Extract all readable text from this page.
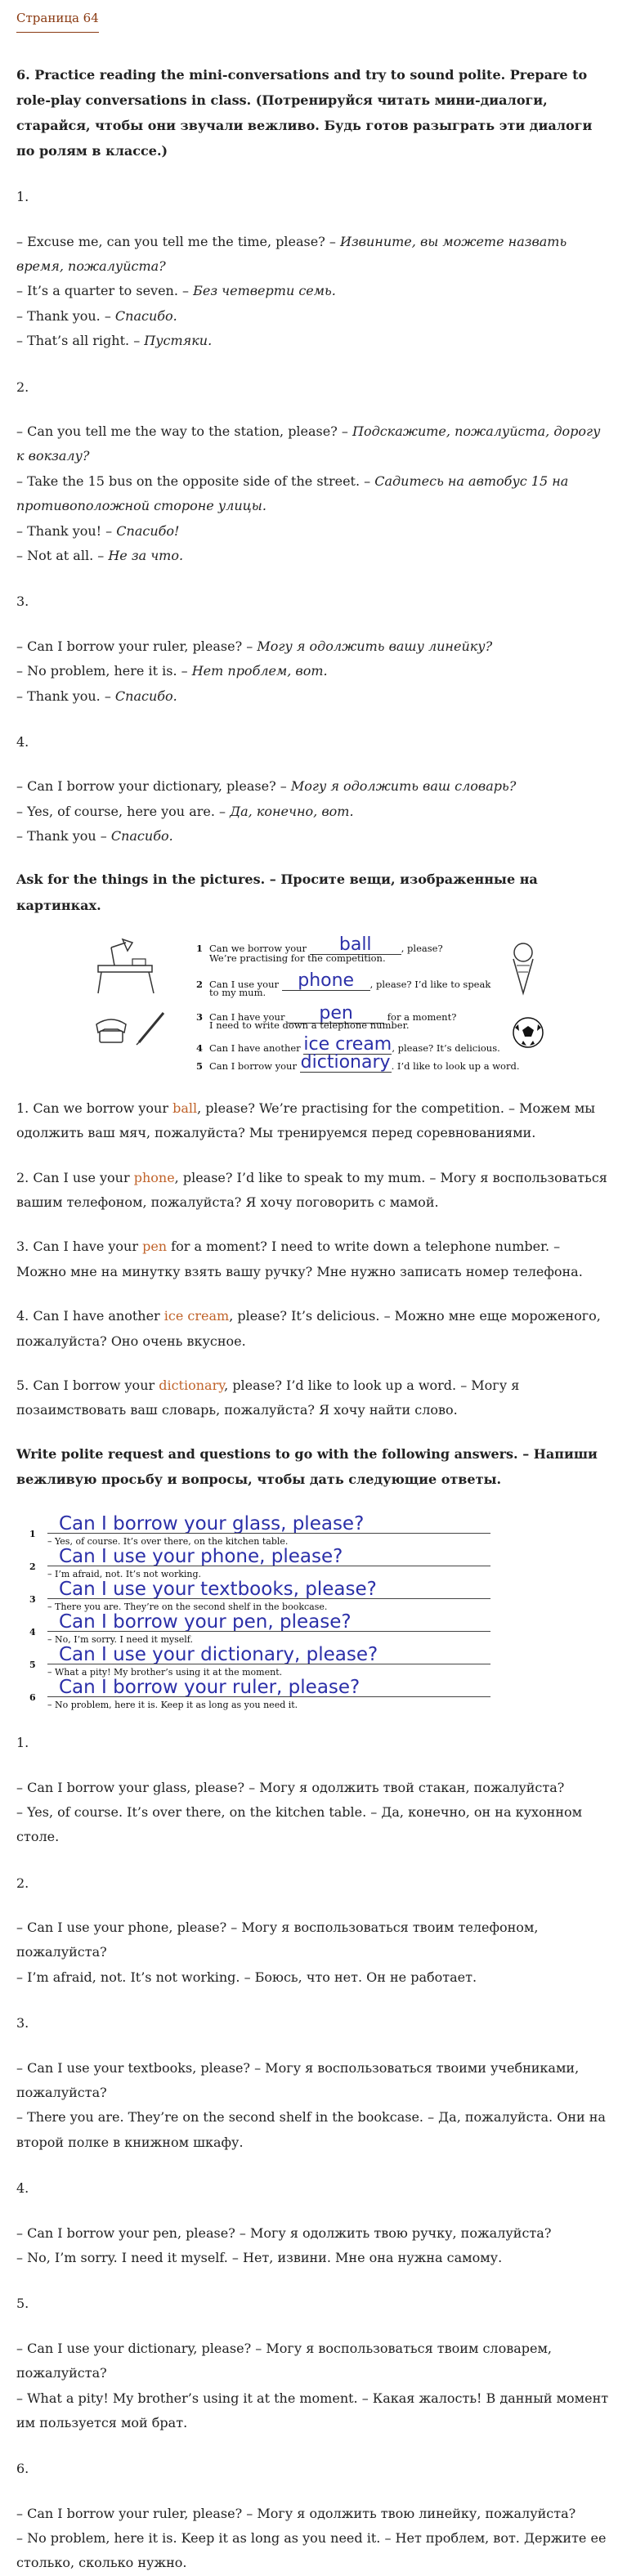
Страница 64

6. Practice reading the mini-conversations and try to sound polite. Prepare to role-play conversations in class. (Потренируйся читать мини-диалоги, старайся, чтобы они звучали вежливо. Будь готов разыграть эти диалоги по ролям в классе.)

1.

– Excuse me, can you tell me the time, please? – Извините, вы можете назвать время, пожалуйста?
– It’s a quarter to seven. – Без четверти семь.
– Thank you. – Спасибо.
– That’s all right. – Пустяки.

2.

– Can you tell me the way to the station, please? – Подскажите, пожалуйста, дорогу к вокзалу?
– Take the 15 bus on the opposite side of the street. – Садитесь на автобус 15 на противоположной стороне улицы.
– Thank you! – Спасибо!
– Not at all. – Не за что.

3.

– Can I borrow your ruler, please? – Могу я одолжить вашу линейку?
– No problem, here it is. – Нет проблем, вот.
– Thank you. – Спасибо.

4.

– Can I borrow your dictionary, please? – Могу я одолжить ваш словарь?
– Yes, of course, here you are. – Да, конечно, вот.
– Thank you – Спасибо.

Ask for the things in the pictures. – Просите вещи, изображенные на картинках.

1 Can we borrow your ball	, please?
We’re practising for the competition.
2 Can I use your phone , please? I’d like to speak
to my mum.
3 Can I have your pen	for a moment?
I need to write down a telephone number.
4 Can I have another ice cream, please? It’s delicious.
5 Can I borrow your dictionary. I’d like to look up a word.

1. Can we borrow your ball, please? We’re practising for the competition. – Можем мы одолжить ваш мяч, пожалуйста? Мы тренируемся перед соревнованиями.

2. Can I use your phone, please? I’d like to speak to my mum. – Могу я воспользоваться вашим телефоном, пожалуйста? Я хочу поговорить с мамой.

3. Can I have your pen for a moment? I need to write down a telephone number. – Можно мне на минутку взять вашу ручку? Мне нужно записать номер телефона.

4. Can I have another ice cream, please? It’s delicious. – Можно мне еще мороженого, пожалуйста? Оно очень вкусное.

5. Can I borrow your dictionary, please? I’d like to look up a word. – Могу я позаимствовать ваш словарь, пожалуйста? Я хочу найти слово.

Write polite request and questions to go with the following answers. – Напиши вежливую просьбу и вопросы, чтобы дать следующие ответы.

Can I borrow your glass, please?
1
– Yes, of course. It’s over there, on the kitchen table.
Can I use your phone, please?
2
– I’m afraid, not. It’s not working.
Can I use your textbooks, please?
3
– There you are. They’re on the second shelf in the bookcase.
Can I borrow your pen, please?
4
– No, I’m sorry. I need it myself.
Can I use your dictionary, please?
5
– What a pity! My brother’s using it at the moment.
Can I borrow your ruler, please?
6
– No problem, here it is. Keep it as long as you need it.

1.

– Can I borrow your glass, please? – Могу я одолжить твой стакан, пожалуйста?
– Yes, of course. It’s over there, on the kitchen table. – Да, конечно, он на кухонном столе.

2.

– Can I use your phone, please? – Могу я воспользоваться твоим телефоном, пожалуйста?
– I’m afraid, not. It’s not working. – Боюсь, что нет. Он не работает.

3.

– Can I use your textbooks, please? – Могу я воспользоваться твоими учебниками, пожалуйста?
– There you are. They’re on the second shelf in the bookcase. – Да, пожалуйста. Они на второй полке в книжном шкафу.

4.

– Can I borrow your pen, please? – Могу я одолжить твою ручку, пожалуйста?
– No, I’m sorry. I need it myself. – Нет, извини. Мне она нужна самому.

5.

– Can I use your dictionary, please? – Могу я воспользоваться твоим словарем, пожалуйста?
– What a pity! My brother’s using it at the moment. – Какая жалость! В данный момент им пользуется мой брат.

6.

– Can I borrow your ruler, please? – Могу я одолжить твою линейку, пожалуйста?
– No problem, here it is. Keep it as long as you need it. – Нет проблем, вот. Держите ее столько, сколько нужно.
